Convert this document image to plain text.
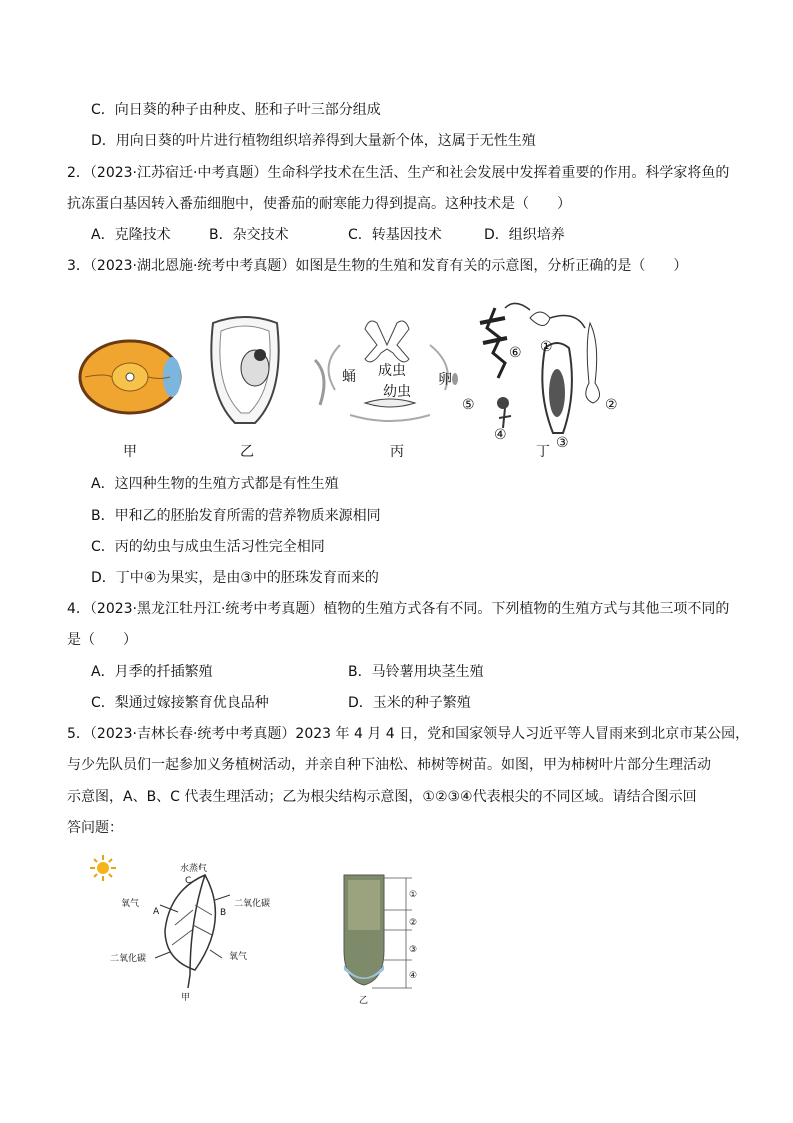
C．向日葵的种子由种皮、胚和子叶三部分组成
D．用向日葵的叶片进行植物组织培养得到大量新个体，这属于无性生殖
2．（2023·江苏宿迁·中考真题）生命科学技术在生活、生产和社会发展中发挥着重要的作用。科学家将鱼的
抗冻蛋白基因转入番茄细胞中，使番茄的耐寒能力得到提高。这种技术是（　　）
A．克隆技术	B．杂交技术	C．转基因技术	D．组织培养
3．（2023·湖北恩施·统考中考真题）如图是生物的生殖和发育有关的示意图，分析正确的是（　　）
成虫
幼虫
蛹	卵
①
②
③
④
⑤
⑥
甲	乙	丙	丁
A．这四种生物的生殖方式都是有性生殖
B．甲和乙的胚胎发育所需的营养物质来源相同
C．丙的幼虫与成虫生活习性完全相同
D．丁中④为果实，是由③中的胚珠发育而来的
4．（2023·黑龙江牡丹江·统考中考真题）植物的生殖方式各有不同。下列植物的生殖方式与其他三项不同的
是（　　）
A．月季的扦插繁殖	B．马铃薯用块茎生殖
C．梨通过嫁接繁育优良品种	D．玉米的种子繁殖
5．（2023·吉林长春·统考中考真题）2023 年 4 月 4 日，党和国家领导人习近平等人冒雨来到北京市某公园，
与少先队员们一起参加义务植树活动，并亲自种下油松、柿树等树苗。如图，甲为柿树叶片部分生理活动
示意图，A、B、C 代表生理活动；乙为根尖结构示意图，①②③④代表根尖的不同区域。请结合图示回
答问题：
水蒸气
C
氧气
A
二氧化碳
二氧化碳
B
氧气
甲
①
②
③
④
乙
